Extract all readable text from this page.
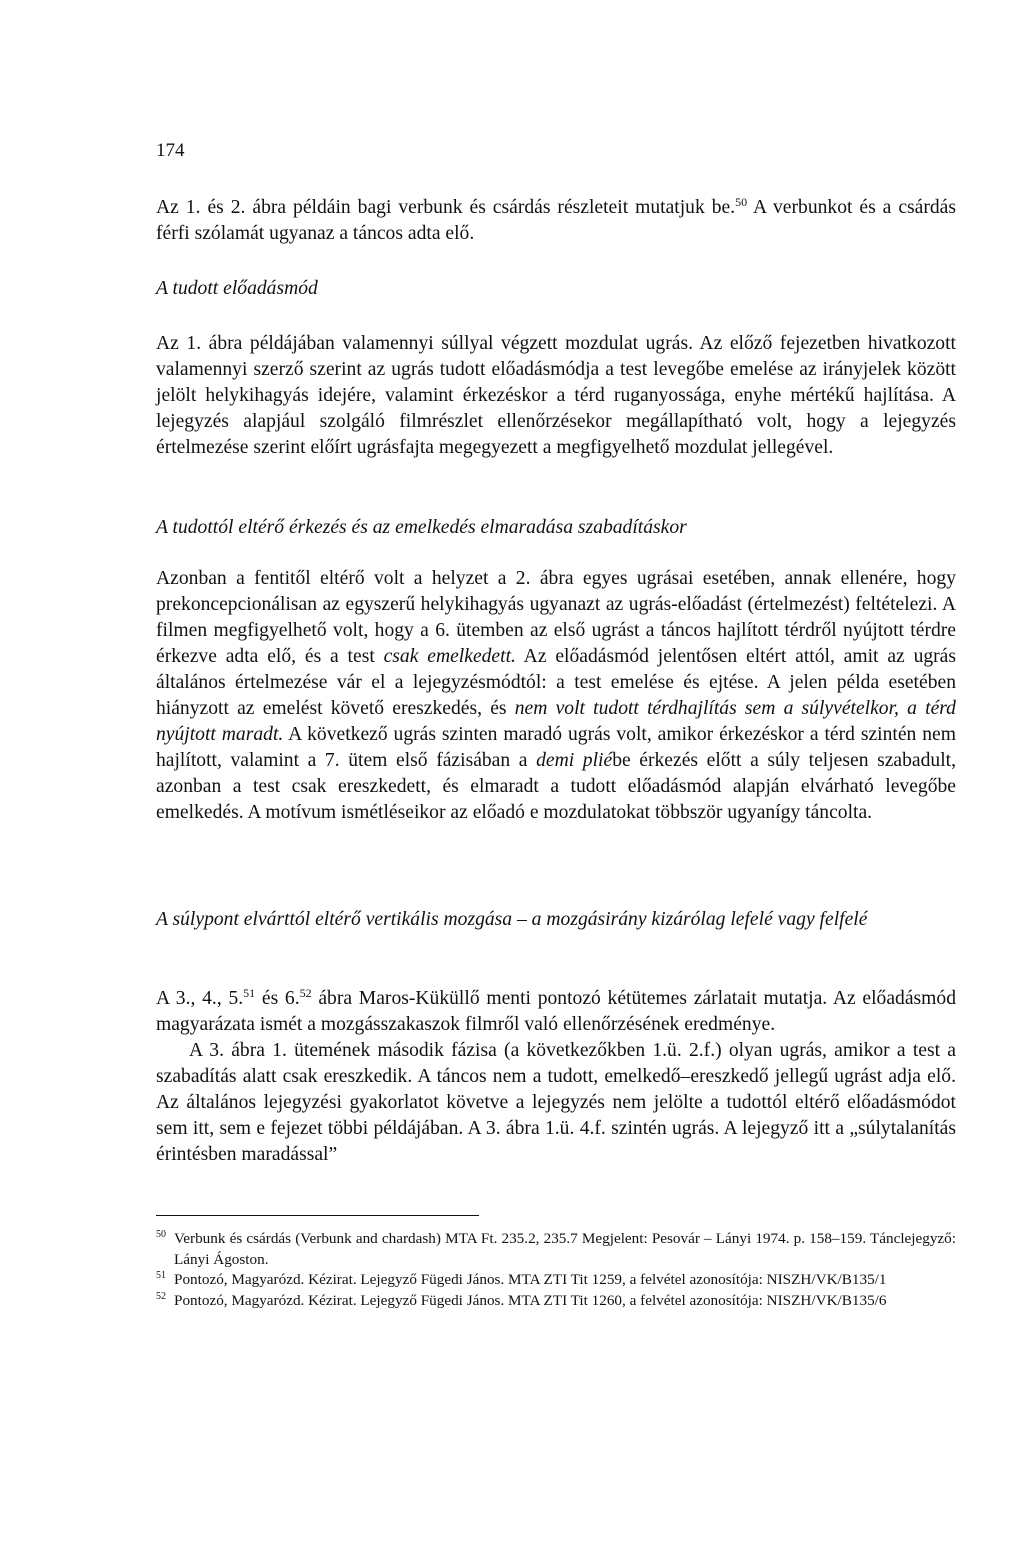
174

Az 1. és 2. ábra példáin bagi verbunk és csárdás részleteit mutatjuk be.$^{50}$ A verbunkot és a csárdás férfi szólamát ugyanaz a táncos adta elő.

A tudott előadásmód

Az 1. ábra példájában valamennyi súllyal végzett mozdulat ugrás. Az előző fejezetben hivatkozott valamennyi szerző szerint az ugrás tudott előadásmódja a test levegőbe emelése az irányjelek között jelölt helykihagyás idejére, valamint érkezéskor a térd ruganyossága, enyhe mértékű hajlítása. A lejegyzés alapjául szolgáló filmrészlet ellenőrzésekor megállapítható volt, hogy a lejegyzés értelmezése szerint előírt ugrásfajta megegyezett a megfigyelhető mozdulat jellegével.

A tudottól eltérő érkezés és az emelkedés elmaradása szabadításkor

Azonban a fentitől eltérő volt a helyzet a 2. ábra egyes ugrásai esetében, annak ellenére, hogy prekoncepcionálisan az egyszerű helykihagyás ugyanazt az ugrás-előadást (értelmezést) feltételezi. A filmen megfigyelhető volt, hogy a 6. ütemben az első ugrást a táncos hajlított térdről nyújtott térdre érkezve adta elő, és a test csak emelkedett. Az előadásmód jelentősen eltért attól, amit az ugrás általános értelmezése vár el a lejegyzésmódtól: a test emelése és ejtése. A jelen példa esetében hiányzott az emelést követő ereszkedés, és nem volt tudott térdhajlítás sem a súlyvételkor, a térd nyújtott maradt. A következő ugrás szinten maradó ugrás volt, amikor érkezéskor a térd szintén nem hajlított, valamint a 7. ütem első fázisában a demi pliébe érkezés előtt a súly teljesen szabadult, azonban a test csak ereszkedett, és elmaradt a tudott előadásmód alapján elvárható levegőbe emelkedés. A motívum ismétléseikor az előadó e mozdulatokat többször ugyanígy táncolta.

A súlypont elvárttól eltérő vertikális mozgása – a mozgásirány kizárólag lefelé vagy felfelé

A 3., 4., 5.51 és 6.52 ábra Maros-Küküllő menti pontozó kétütemes zárlatait mutatja. Az előadásmód magyarázata ismét a mozgásszakaszok filmről való ellenőrzésének eredménye.

A 3. ábra 1. ütemének második fázisa (a következőkben 1.ü. 2.f.) olyan ugrás, amikor a test a szabadítás alatt csak ereszkedik. A táncos nem a tudott, emelkedő–ereszkedő jellegű ugrást adja elő. Az általános lejegyzési gyakorlatot követve a lejegyzés nem jelölte a tudottól eltérő előadásmódot sem itt, sem e fejezet többi példájában. A 3. ábra 1.ü. 4.f. szintén ugrás. A lejegyző itt a „súlytalanítás érintésben maradással”

$^{50}$ Verbunk és csárdás (Verbunk and chardash) MTA Ft. 235.2, 235.7 Megjelent: Pesovár – Lányi 1974. p. 158–159. Tánclejegyző: Lányi Ágoston.
$^{51}$ Pontozó, Magyarózd. Kézirat. Lejegyző Fügedi János. MTA ZTI Tit 1259, a felvétel azonosítója: NISZH/VK/B135/1
$^{52}$ Pontozó, Magyarózd. Kézirat. Lejegyző Fügedi János. MTA ZTI Tit 1260, a felvétel azonosítója: NISZH/VK/B135/6
